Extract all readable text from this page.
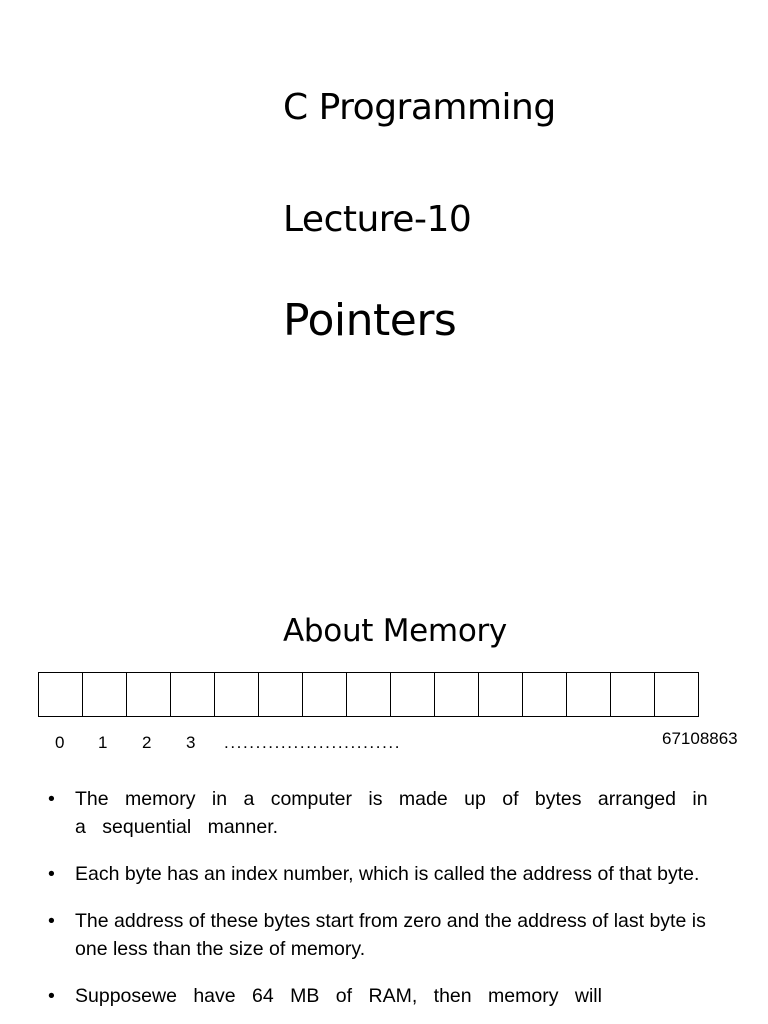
C Programming
Lecture-10
Pointers
About Memory
0 1 2 3 ............................	67108863
• The memory in a computer is made up of bytes arranged in a sequential manner.
• Each byte has an index number, which is called the address of that byte.
• The address of these bytes start from zero and the address of last byte is one less than the size of memory.
• Supposewe have 64 MB of RAM, then memory will
